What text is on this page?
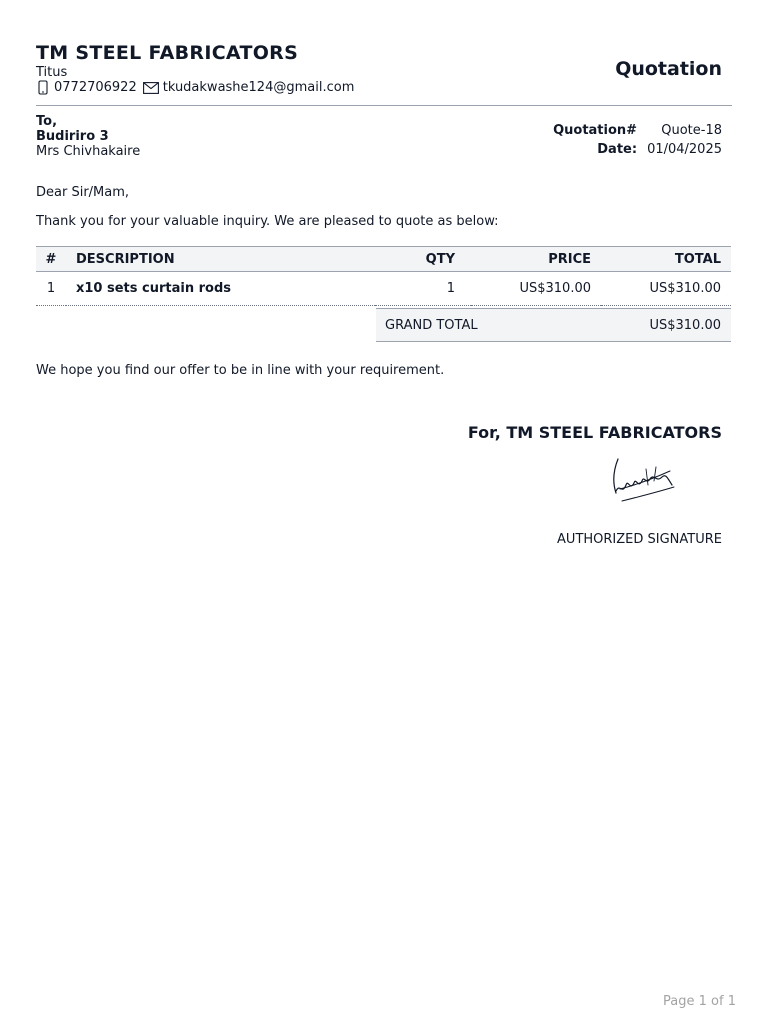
TM STEEL FABRICATORS
Titus
0772706922 tkudakwashe124@gmail.com
Quotation
To,
Budiriro 3
Mrs Chivhakaire
Quotation#	Quote-18
Date:	01/04/2025
Dear Sir/Mam,
Thank you for your valuable inquiry. We are pleased to quote as below:
#	DESCRIPTION	QTY	PRICE	TOTAL
1	x10 sets curtain rods	1	US$310.00	US$310.00
GRAND TOTAL	US$310.00
We hope you find our offer to be in line with your requirement.
For, TM STEEL FABRICATORS
AUTHORIZED SIGNATURE
Page 1 of 1
